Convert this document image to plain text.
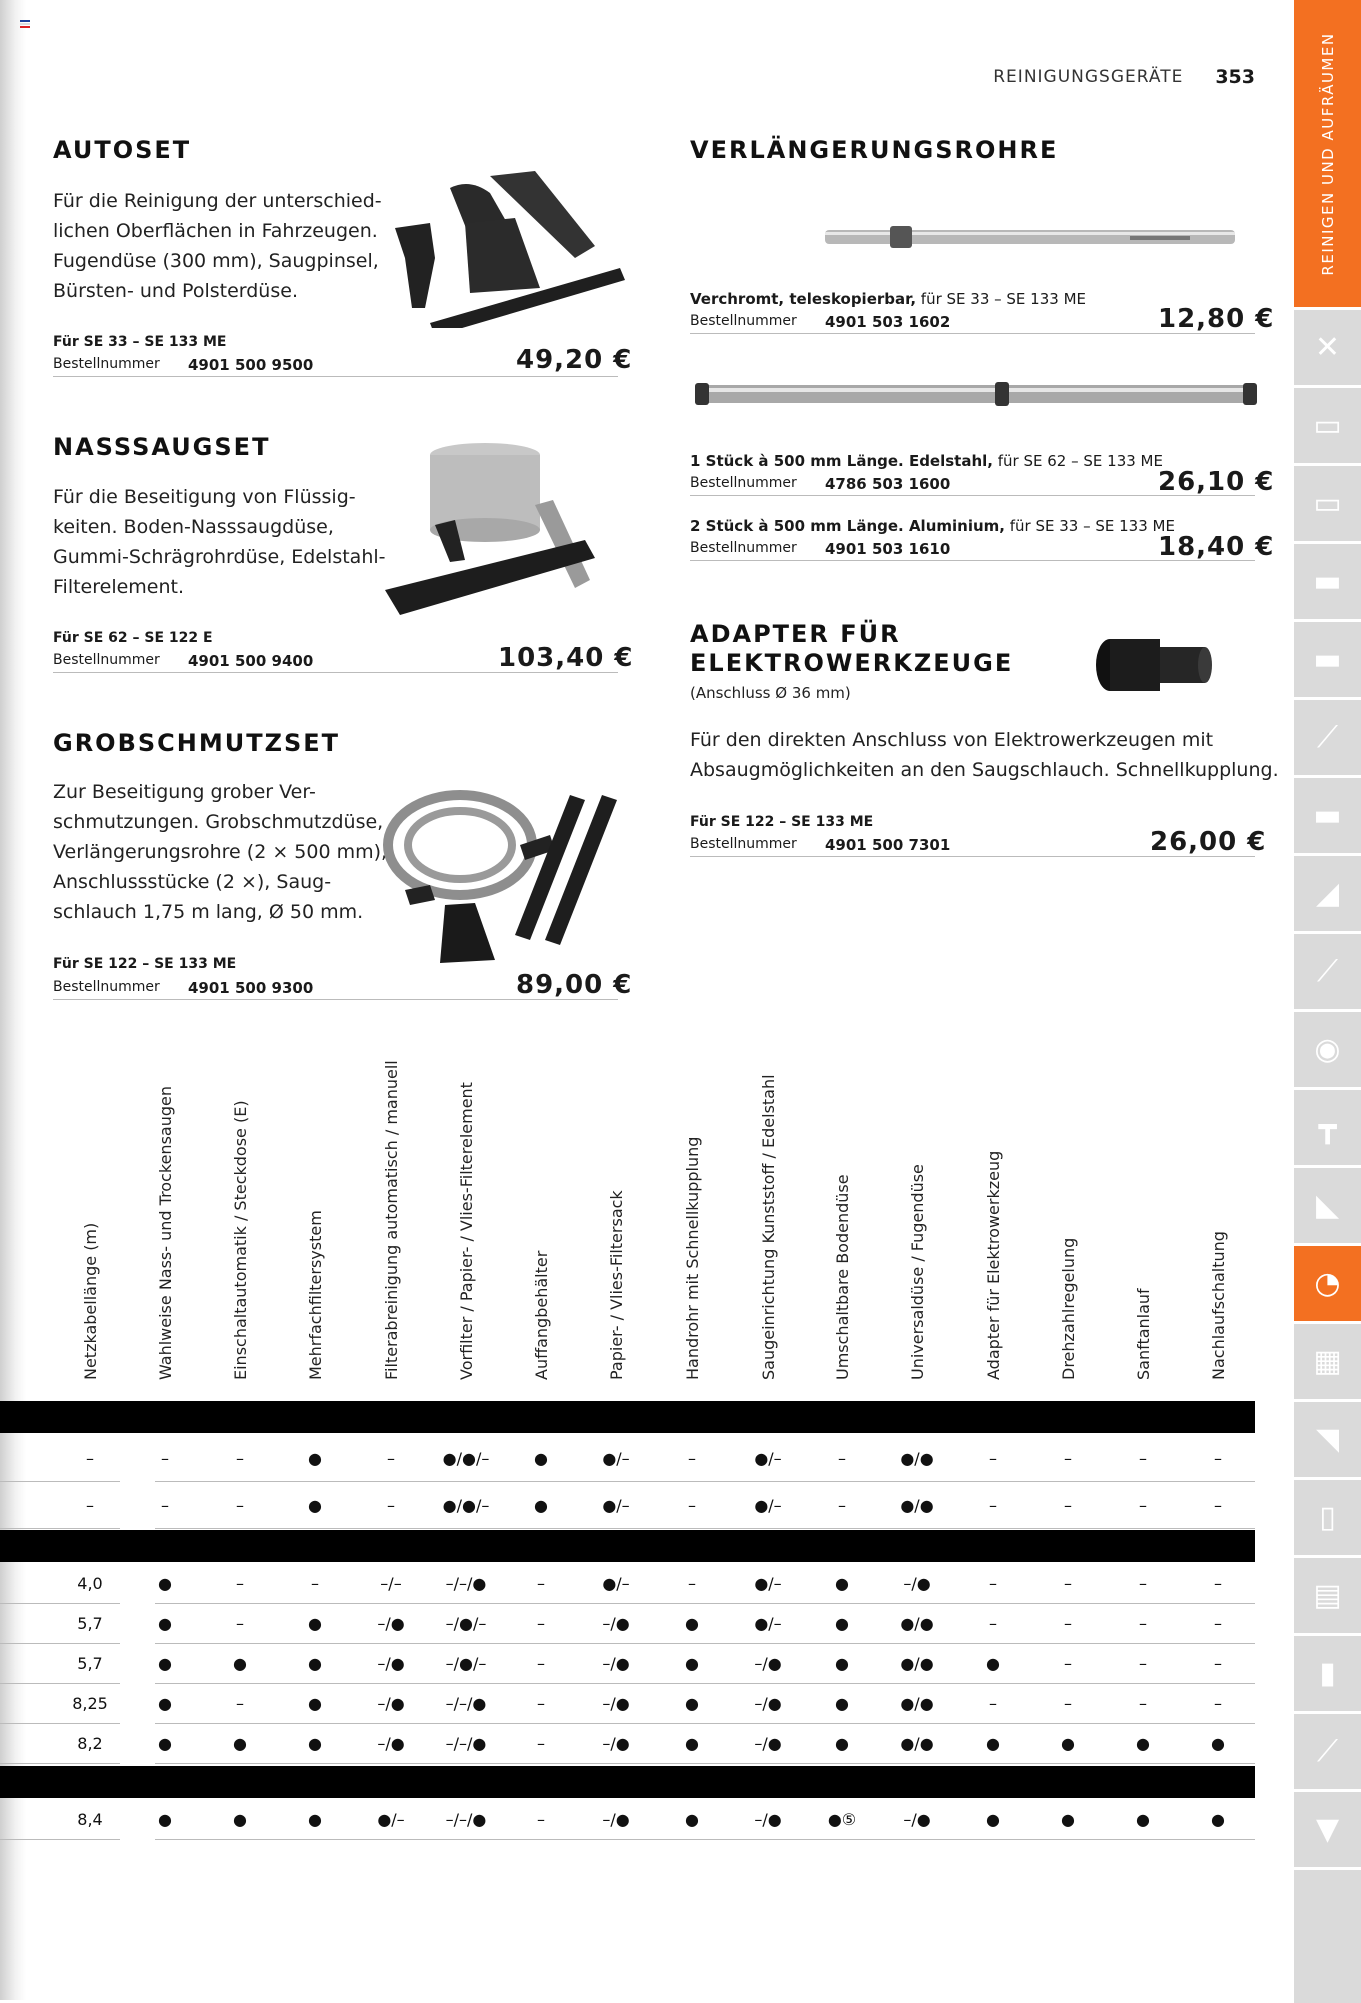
REINIGUNGSGERÄTE 353	REINIGEN UND AUFRÄUMEN
✕
▭
▭
▬
▬
⟋
▬
◢
⟋
◉
┳
◣
◔
▦
◥
▯
▤
▮
⟋
▼
AUTOSET
Für die Reinigung der unterschied-
lichen Oberflächen in Fahrzeugen.
Fugendüse (300 mm), Saugpinsel,
Bürsten- und Polsterdüse.
Für SE 33 – SE 133 ME
Bestellnummer 4901 500 9500	49,20 €
NASSSAUGSET
Für die Beseitigung von Flüssig-
keiten. Boden-Nasssaugdüse,
Gummi-Schrägrohrdüse, Edelstahl-
Filterelement.
Für SE 62 – SE 122 E
Bestellnummer 4901 500 9400	103,40 €
GROBSCHMUTZSET
Zur Beseitigung grober Ver-
schmutzungen. Grobschmutzdüse,
Verlängerungsrohre (2 × 500 mm),
Anschlussstücke (2 ×), Saug-
schlauch 1,75 m lang, Ø 50 mm.
Für SE 122 – SE 133 ME
Bestellnummer 4901 500 9300	89,00 €
VERLÄNGERUNGSROHRE
Verchromt, teleskopierbar, für SE 33 – SE 133 ME
Bestellnummer 4901 503 1602	12,80 €
1 Stück à 500 mm Länge. Edelstahl, für SE 62 – SE 133 ME
Bestellnummer 4786 503 1600	26,10 €
2 Stück à 500 mm Länge. Aluminium, für SE 33 – SE 133 ME
Bestellnummer 4901 503 1610	18,40 €
ADAPTER FÜR
ELEKTROWERKZEUGE
(Anschluss Ø 36 mm)
Für den direkten Anschluss von Elektrowerkzeugen mit
Absaugmöglichkeiten an den Saugschlauch. Schnellkupplung.
Für SE 122 – SE 133 ME
Bestellnummer 4901 500 7301	26,00 €
Netzkabellänge (m)	Wahlweise Nass- und Trockensaugen	Einschaltautomatik / Steckdose (E)	Mehrfachfiltersystem	Filterabreinigung automatisch / manuell	Vorfilter / Papier- / Vlies-Filterelement	Auffangbehälter	Papier- / Vlies-Filtersack	Handrohr mit Schnellkupplung	Saugeinrichtung Kunststoff / Edelstahl	Umschaltbare Bodendüse	Universaldüse / Fugendüse	Adapter für Elektrowerkzeug	Drehzahlregelung	Sanftanlauf	Nachlaufschaltung
–	–	–	●	–	●/●/–	●	●/–	–	●/–	–	●/●	–	–	–	–
–	–	–	●	–	●/●/–	●	●/–	–	●/–	–	●/●	–	–	–	–
4,0	●	–	–	–/–	–/–/●	–	●/–	–	●/–	●	–/●	–	–	–	–
5,7	●	–	●	–/●	–/●/–	–	–/●	●	●/–	●	●/●	–	–	–	–
5,7	●	●	●	–/●	–/●/–	–	–/●	●	–/●	●	●/●	●	–	–	–
8,25	●	–	●	–/●	–/–/●	–	–/●	●	–/●	●	●/●	–	–	–	–
8,2	●	●	●	–/●	–/–/●	–	–/●	●	–/●	●	●/●	●	●	●	●
8,4	●	●	●	●/–	–/–/●	–	–/●	●	–/●	●⑤	–/●	●	●	●	●
